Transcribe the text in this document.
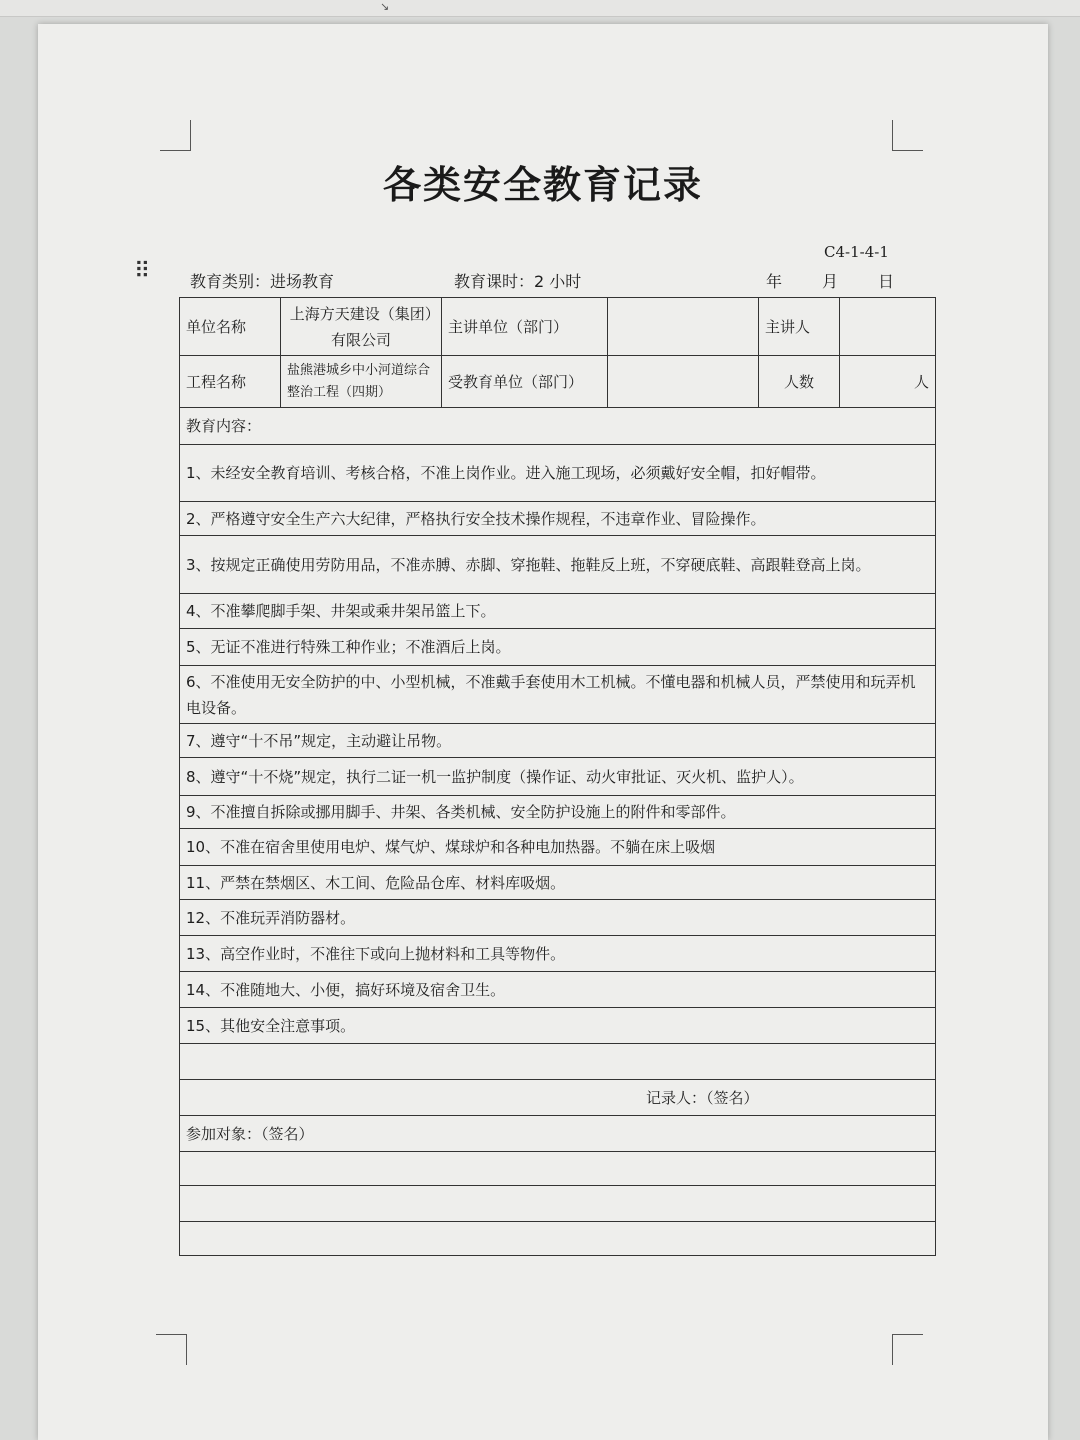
↘
⠿
各类安全教育记录
C4-1-4-1
教育类别：进场教育	教育课时：2 小时	年	月	日
单位名称	上海方天建设（集团）有限公司	主讲单位（部门）		主讲人	
工程名称	盐熊港城乡中小河道综合整治工程（四期）	受教育单位（部门）		人数	人
教育内容：					
1、未经安全教育培训、考核合格，不准上岗作业。进入施工现场，必须戴好安全帽，扣好帽带。					
2、严格遵守安全生产六大纪律，严格执行安全技术操作规程，不违章作业、冒险操作。					
3、按规定正确使用劳防用品，不准赤膊、赤脚、穿拖鞋、拖鞋反上班，不穿硬底鞋、高跟鞋登高上岗。					
4、不准攀爬脚手架、井架或乘井架吊篮上下。					
5、无证不准进行特殊工种作业；不准酒后上岗。					
6、不准使用无安全防护的中、小型机械，不准戴手套使用木工机械。不懂电器和机械人员，严禁使用和玩弄机电设备。					
7、遵守“十不吊”规定，主动避让吊物。					
8、遵守“十不烧”规定，执行二证一机一监护制度（操作证、动火审批证、灭火机、监护人）。					
9、不准擅自拆除或挪用脚手、井架、各类机械、安全防护设施上的附件和零部件。					
10、不准在宿舍里使用电炉、煤气炉、煤球炉和各种电加热器。不躺在床上吸烟					
11、严禁在禁烟区、木工间、危险品仓库、材料库吸烟。					
12、不准玩弄消防器材。					
13、高空作业时，不准往下或向上抛材料和工具等物件。					
14、不准随地大、小便，搞好环境及宿舍卫生。					
15、其他安全注意事项。					

记录人：（签名）					
参加对象：（签名）					
